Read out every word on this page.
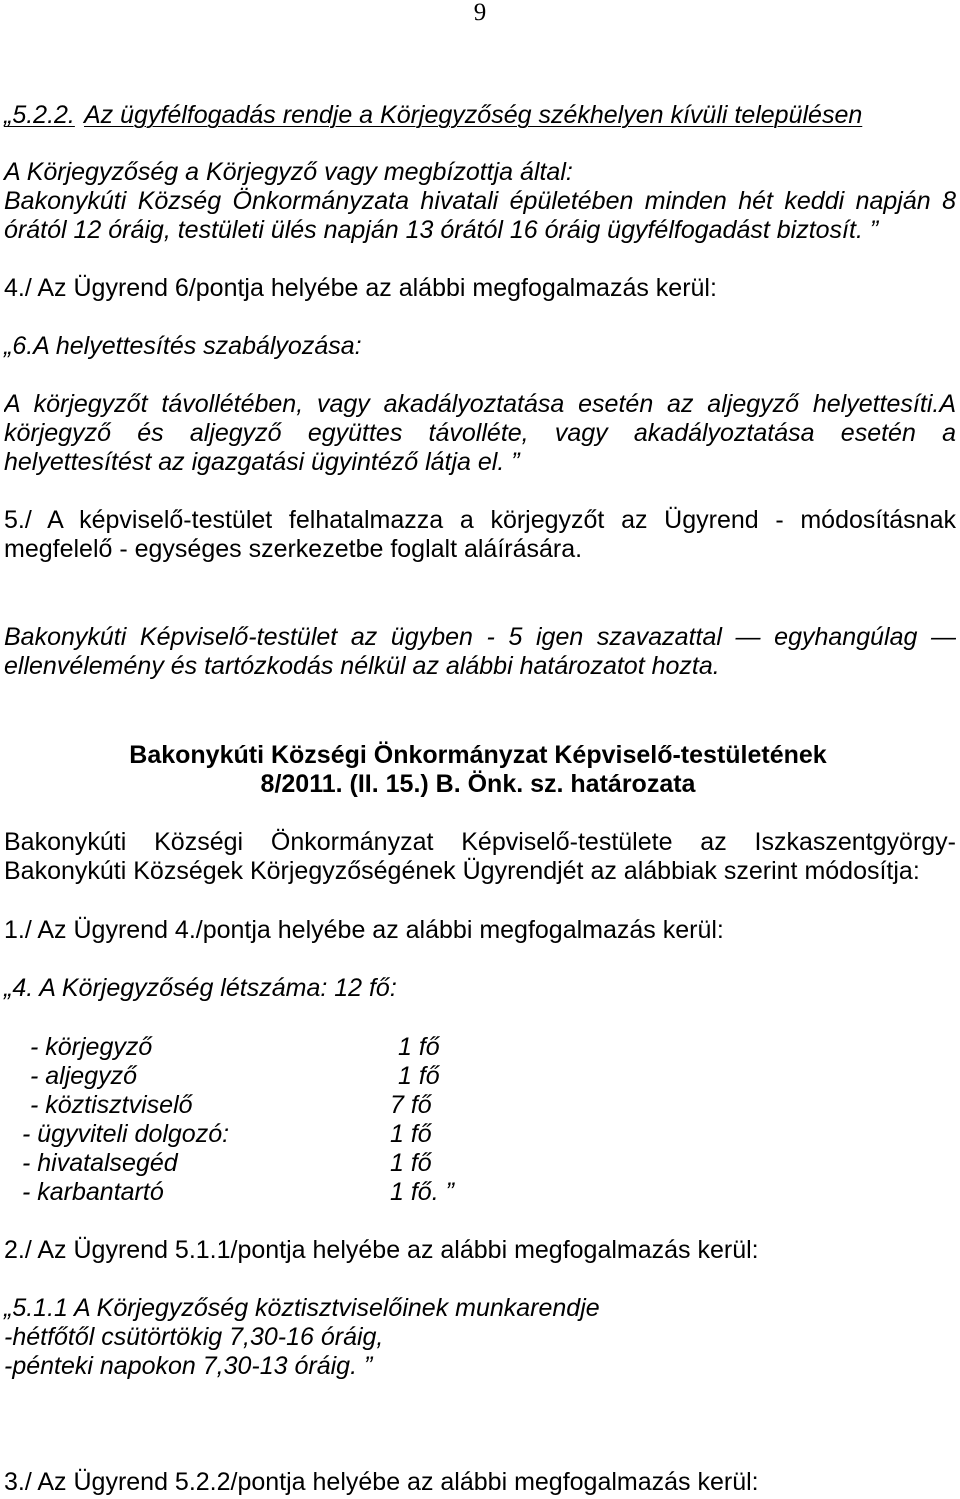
9
„5.2.2. Az ügyfélfogadás rendje a Körjegyzőség székhelyen kívüli településen
A Körjegyzőség a Körjegyző vagy megbízottja által:
Bakonykúti Község Önkormányzata hivatali épületében minden hét keddi napján 8
órától 12 óráig, testületi ülés napján 13 órától 16 óráig ügyfélfogadást biztosít. ”
4./ Az Ügyrend 6/pontja helyébe az alábbi megfogalmazás kerül:
„6.A helyettesítés szabályozása:
A körjegyzőt távollétében, vagy akadályoztatása esetén az aljegyző helyettesíti.A
körjegyző és aljegyző együttes távolléte, vagy akadályoztatása esetén a
helyettesítést az igazgatási ügyintéző látja el. ”
5./ A képviselő-testület felhatalmazza a körjegyzőt az Ügyrend - módosításnak
megfelelő - egységes szerkezetbe foglalt aláírására.
Bakonykúti Képviselő-testület az ügyben - 5 igen szavazattal — egyhangúlag —
ellenvélemény és tartózkodás nélkül az alábbi határozatot hozta.
Bakonykúti Községi Önkormányzat Képviselő-testületének
8/2011. (II. 15.) B. Önk. sz. határozata
Bakonykúti Községi Önkormányzat Képviselő-testülete az Iszkaszentgyörgy-
Bakonykúti Községek Körjegyzőségének Ügyrendjét az alábbiak szerint módosítja:
1./ Az Ügyrend 4./pontja helyébe az alábbi megfogalmazás kerül:
„4. A Körjegyzőség létszáma: 12 fő:
- körjegyző	1 fő
- aljegyző	1 fő
- köztisztviselő	7 fő
- ügyviteli dolgozó:	1 fő
- hivatalsegéd	1 fő
- karbantartó	1 fő. ”
2./ Az Ügyrend 5.1.1/pontja helyébe az alábbi megfogalmazás kerül:
„5.1.1 A Körjegyzőség köztisztviselőinek munkarendje
-hétfőtől csütörtökig 7,30-16 óráig,
-pénteki napokon 7,30-13 óráig. ”
3./ Az Ügyrend 5.2.2/pontja helyébe az alábbi megfogalmazás kerül:
